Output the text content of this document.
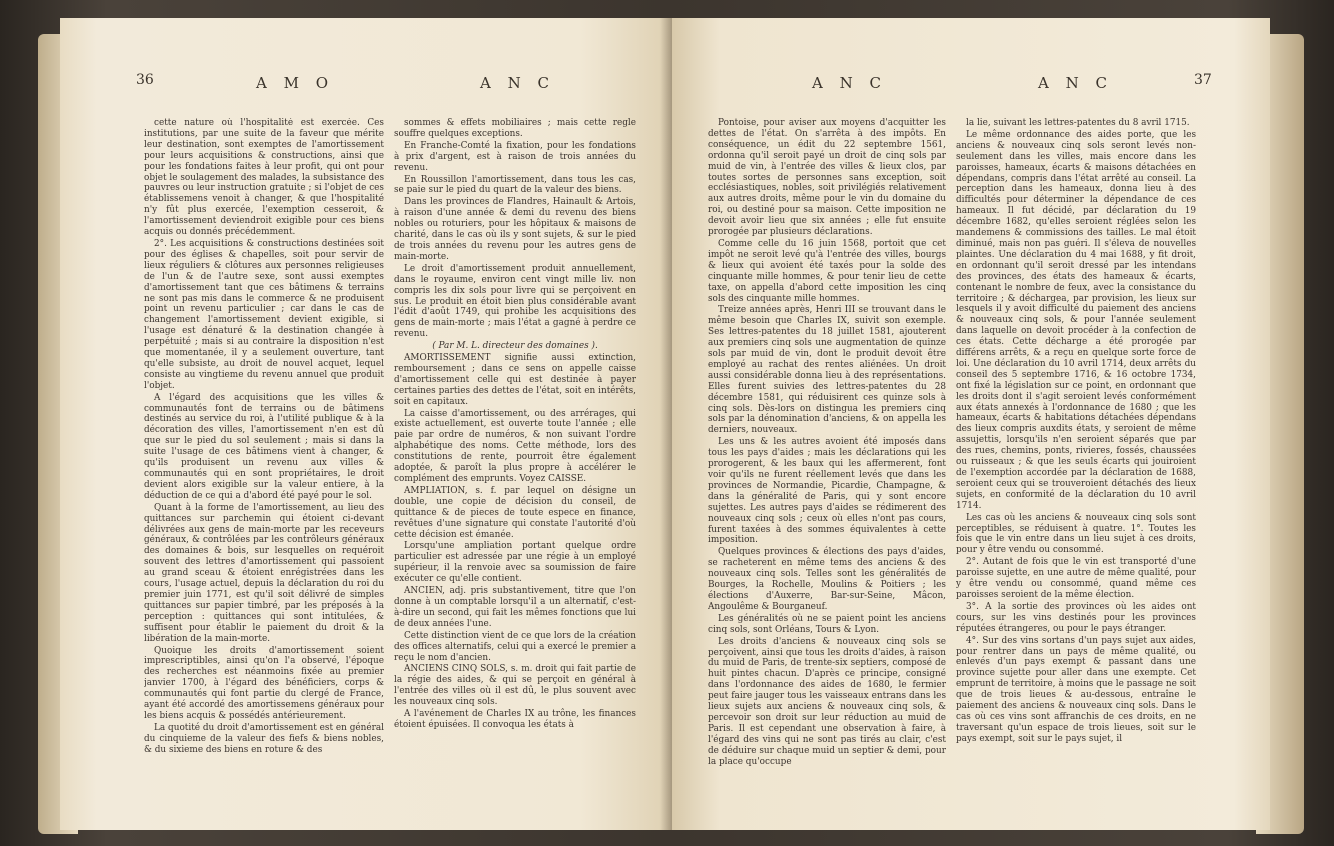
36	A M O	A N C

cette nature où l'hospitalité est exercée. Ces institutions, par une suite de la faveur que mérite leur destination, sont exemptes de l'amortissement pour leurs acquisitions & constructions, ainsi que pour les fondations faites à leur profit, qui ont pour objet le soulagement des malades, la subsistance des pauvres ou leur instruction gratuite ; si l'objet de ces établissemens venoit à changer, & que l'hospitalité n'y fût plus exercée, l'exemption cesseroit, & l'amortissement deviendroit exigible pour ces biens acquis ou donnés précédemment.

2°. Les acquisitions & constructions destinées soit pour des églises & chapelles, soit pour servir de lieux réguliers & clôtures aux personnes religieuses de l'un & de l'autre sexe, sont aussi exemptes d'amortissement tant que ces bâtimens & terrains ne sont pas mis dans le commerce & ne produisent point un revenu particulier ; car dans le cas de changement l'amortissement devient exigible, si l'usage est dénaturé & la destination changée à perpétuité ; mais si au contraire la disposition n'est que momentanée, il y a seulement ouverture, tant qu'elle subsiste, au droit de nouvel acquet, lequel consiste au vingtieme du revenu annuel que produit l'objet.

A l'égard des acquisitions que les villes & communautés font de terrains ou de bâtimens destinés au service du roi, à l'utilité publique & à la décoration des villes, l'amortissement n'en est dû que sur le pied du sol seulement ; mais si dans la suite l'usage de ces bâtimens vient à changer, & qu'ils produisent un revenu aux villes & communautés qui en sont propriétaires, le droit devient alors exigible sur la valeur entiere, à la déduction de ce qui a d'abord été payé pour le sol.

Quant à la forme de l'amortissement, au lieu des quittances sur parchemin qui étoient ci-devant délivrées aux gens de main-morte par les receveurs généraux, & contrôlées par les contrôleurs généraux des domaines & bois, sur lesquelles on requéroit souvent des lettres d'amortissement qui passoient au grand sceau & étoient enrégistrées dans les cours, l'usage actuel, depuis la déclaration du roi du premier juin 1771, est qu'il soit délivré de simples quittances sur papier timbré, par les préposés à la perception : quittances qui sont intitulées, & suffisent pour établir le paiement du droit & la libération de la main-morte.

Quoique les droits d'amortissement soient imprescriptibles, ainsi qu'on l'a observé, l'époque des recherches est néanmoins fixée au premier janvier 1700, à l'égard des bénéficiers, corps & communautés qui font partie du clergé de France, ayant été accordé des amortissemens généraux pour les biens acquis & possédés antérieurement.

La quotité du droit d'amortissement est en général du cinquieme de la valeur des fiefs & biens nobles, & du sixieme des biens en roture & des

sommes & effets mobiliaires ; mais cette regle souffre quelques exceptions.

En Franche-Comté la fixation, pour les fondations à prix d'argent, est à raison de trois années du revenu.

En Roussillon l'amortissement, dans tous les cas, se paie sur le pied du quart de la valeur des biens.

Dans les provinces de Flandres, Hainault & Artois, à raison d'une année & demi du revenu des biens nobles ou roturiers, pour les hôpitaux & maisons de charité, dans le cas où ils y sont sujets, & sur le pied de trois années du revenu pour les autres gens de main-morte.

Le droit d'amortissement produit annuellement, dans le royaume, environ cent vingt mille liv. non compris les dix sols pour livre qui se perçoivent en sus. Le produit en étoit bien plus considérable avant l'édit d'août 1749, qui prohibe les acquisitions des gens de main-morte ; mais l'état a gagné à perdre ce revenu.

( Par M. L. directeur des domaines ).

AMORTISSEMENT signifie aussi extinction, remboursement ; dans ce sens on appelle caisse d'amortissement celle qui est destinée à payer certaines parties des dettes de l'état, soit en intérêts, soit en capitaux.

La caisse d'amortissement, ou des arrérages, qui existe actuellement, est ouverte toute l'année ; elle paie par ordre de numéros, & non suivant l'ordre alphabétique des noms. Cette méthode, lors des constitutions de rente, pourroit être également adoptée, & paroît la plus propre à accélérer le complément des emprunts. Voyez CAISSE.

AMPLIATION, s. f. par lequel on désigne un double, une copie de décision du conseil, de quittance & de pieces de toute espece en finance, revêtues d'une signature qui constate l'autorité d'où cette décision est émanée.

Lorsqu'une ampliation portant quelque ordre particulier est adressée par une régie à un employé supérieur, il la renvoie avec sa soumission de faire exécuter ce qu'elle contient.

ANCIEN, adj. pris substantivement, titre que l'on donne à un comptable lorsqu'il a un alternatif, c'est-à-dire un second, qui fait les mêmes fonctions que lui de deux années l'une.

Cette distinction vient de ce que lors de la création des offices alternatifs, celui qui a exercé le premier a reçu le nom d'ancien.

ANCIENS CINQ SOLS, s. m. droit qui fait partie de la régie des aides, & qui se perçoit en général à l'entrée des villes où il est dû, le plus souvent avec les nouveaux cinq sols.

A l'avénement de Charles IX au trône, les finances étoient épuisées. Il convoqua les états à

A N C	A N C	37

Pontoise, pour aviser aux moyens d'acquitter les dettes de l'état. On s'arrêta à des impôts. En conséquence, un édit du 22 septembre 1561, ordonna qu'il seroit payé un droit de cinq sols par muid de vin, à l'entrée des villes & lieux clos, par toutes sortes de personnes sans exception, soit ecclésiastiques, nobles, soit privilégiés relativement aux autres droits, même pour le vin du domaine du roi, ou destiné pour sa maison. Cette imposition ne devoit avoir lieu que six années ; elle fut ensuite prorogée par plusieurs déclarations.

Comme celle du 16 juin 1568, portoit que cet impôt ne seroit levé qu'à l'entrée des villes, bourgs & lieux qui avoient été taxés pour la solde des cinquante mille hommes, & pour tenir lieu de cette taxe, on appella d'abord cette imposition les cinq sols des cinquante mille hommes.

Treize années après, Henri III se trouvant dans le même besoin que Charles IX, suivit son exemple. Ses lettres-patentes du 18 juillet 1581, ajouterent aux premiers cinq sols une augmentation de quinze sols par muid de vin, dont le produit devoit être employé au rachat des rentes aliénées. Un droit aussi considérable donna lieu à des représentations. Elles furent suivies des lettres-patentes du 28 décembre 1581, qui réduisirent ces quinze sols à cinq sols. Dès-lors on distingua les premiers cinq sols par la dénomination d'anciens, & on appella les derniers, nouveaux.

Les uns & les autres avoient été imposés dans tous les pays d'aides ; mais les déclarations qui les prorogerent, & les baux qui les affermerent, font voir qu'ils ne furent réellement levés que dans les provinces de Normandie, Picardie, Champagne, & dans la généralité de Paris, qui y sont encore sujettes. Les autres pays d'aides se rédimerent des nouveaux cinq sols ; ceux où elles n'ont pas cours, furent taxées à des sommes équivalentes à cette imposition.

Quelques provinces & élections des pays d'aides, se racheterent en même tems des anciens & des nouveaux cinq sols. Telles sont les généralités de Bourges, la Rochelle, Moulins & Poitiers ; les élections d'Auxerre, Bar-sur-Seine, Mâcon, Angoulême & Bourganeuf.

Les généralités où ne se paient point les anciens cinq sols, sont Orléans, Tours & Lyon.

Les droits d'anciens & nouveaux cinq sols se perçoivent, ainsi que tous les droits d'aides, à raison du muid de Paris, de trente-six septiers, composé de huit pintes chacun. D'après ce principe, consigné dans l'ordonnance des aides de 1680, le fermier peut faire jauger tous les vaisseaux entrans dans les lieux sujets aux anciens & nouveaux cinq sols, & percevoir son droit sur leur réduction au muid de Paris. Il est cependant une observation à faire, à l'égard des vins qui ne sont pas tirés au clair, c'est de déduire sur chaque muid un septier & demi, pour la place qu'occupe

la lie, suivant les lettres-patentes du 8 avril 1715.

Le même ordonnance des aides porte, que les anciens & nouveaux cinq sols seront levés non-seulement dans les villes, mais encore dans les paroisses, hameaux, écarts & maisons détachées en dépendans, compris dans l'état arrêté au conseil. La perception dans les hameaux, donna lieu à des difficultés pour déterminer la dépendance de ces hameaux. Il fut décidé, par déclaration du 19 décembre 1682, qu'elles seroient réglées selon les mandemens & commissions des tailles. Le mal étoit diminué, mais non pas guéri. Il s'éleva de nouvelles plaintes. Une déclaration du 4 mai 1688, y fit droit, en ordonnant qu'il seroit dressé par les intendans des provinces, des états des hameaux & écarts, contenant le nombre de feux, avec la consistance du territoire ; & déchargea, par provision, les lieux sur lesquels il y avoit difficulté du paiement des anciens & nouveaux cinq sols, & pour l'année seulement dans laquelle on devoit procéder à la confection de ces états. Cette décharge a été prorogée par différens arrêts, & a reçu en quelque sorte force de loi. Une déclaration du 10 avril 1714, deux arrêts du conseil des 5 septembre 1716, & 16 octobre 1734, ont fixé la législation sur ce point, en ordonnant que les droits dont il s'agit seroient levés conformément aux états annexés à l'ordonnance de 1680 ; que les hameaux, écarts & habitations détachées dépendans des lieux compris auxdits états, y seroient de même assujettis, lorsqu'ils n'en seroient séparés que par des rues, chemins, ponts, rivieres, fossés, chaussées ou ruisseaux ; & que les seuls écarts qui jouiroient de l'exemption accordée par la déclaration de 1688, seroient ceux qui se trouveroient détachés des lieux sujets, en conformité de la déclaration du 10 avril 1714.

Les cas où les anciens & nouveaux cinq sols sont perceptibles, se réduisent à quatre. 1°. Toutes les fois que le vin entre dans un lieu sujet à ces droits, pour y être vendu ou consommé.

2°. Autant de fois que le vin est transporté d'une paroisse sujette, en une autre de même qualité, pour y être vendu ou consommé, quand même ces paroisses seroient de la même élection.

3°. A la sortie des provinces où les aides ont cours, sur les vins destinés pour les provinces réputées étrangeres, ou pour le pays étranger.

4°. Sur des vins sortans d'un pays sujet aux aides, pour rentrer dans un pays de même qualité, ou enlevés d'un pays exempt & passant dans une province sujette pour aller dans une exempte. Cet emprunt de territoire, à moins que le passage ne soit que de trois lieues & au-dessous, entraîne le paiement des anciens & nouveaux cinq sols. Dans le cas où ces vins sont affranchis de ces droits, en ne traversant qu'un espace de trois lieues, soit sur le pays exempt, soit sur le pays sujet, il
